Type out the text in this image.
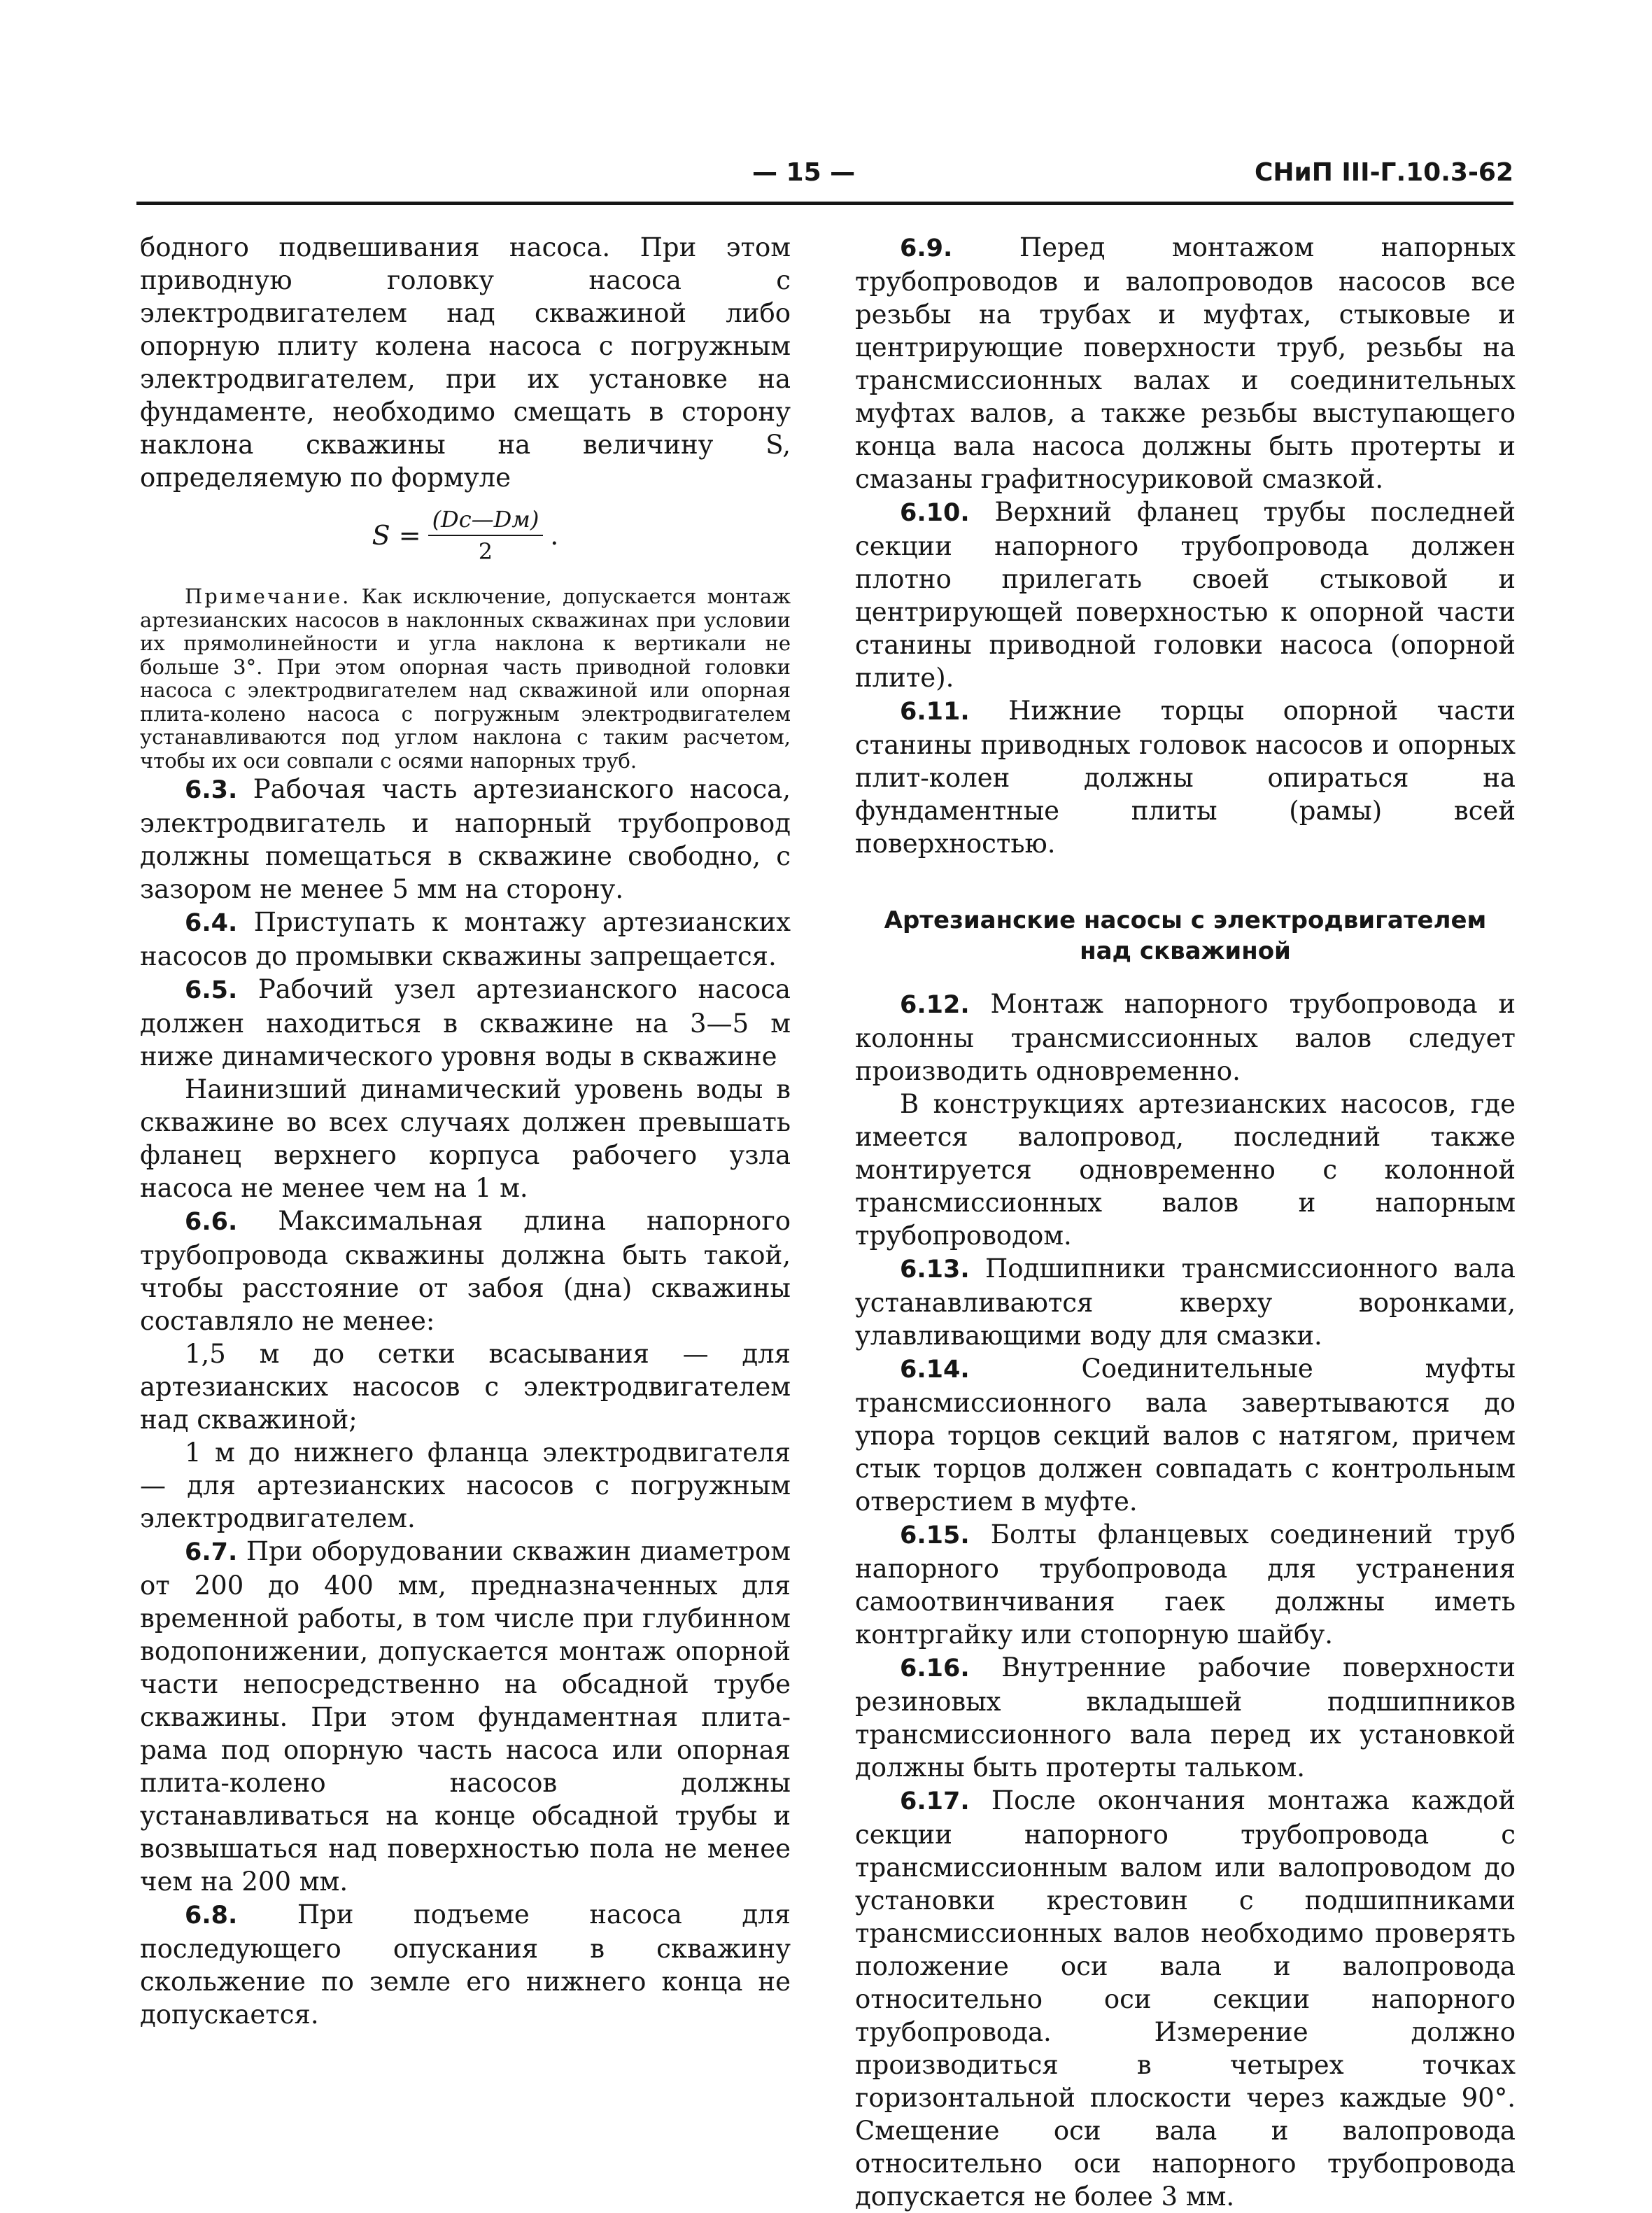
— 15 —	СНиП III-Г.10.3-62

бодного подвешивания насоса. При этом приводную головку насоса с электродвигателем над скважиной либо опорную плиту колена насоса с погружным электродвигателем, при их установке на фундаменте, необходимо смещать в сторону наклона скважины на величину S, определяемую по формуле

$S = \frac{(Dс—Dм)}{2}$ .

Примечание. Как исключение, допускается монтаж артезианских насосов в наклонных скважинах при условии их прямолинейности и угла наклона к вертикали не больше 3°. При этом опорная часть приводной головки насоса с электродвигателем над скважиной или опорная плита-колено насоса с погружным электродвигателем устанавливаются под углом наклона с таким расчетом, чтобы их оси совпали с осями напорных труб.

6.3. Рабочая часть артезианского насоса, электродвигатель и напорный трубопровод должны помещаться в скважине свободно, с зазором не менее 5 мм на сторону.

6.4. Приступать к монтажу артезианских насосов до промывки скважины запрещается.

6.5. Рабочий узел артезианского насоса должен находиться в скважине на 3—5 м ниже динамического уровня воды в скважине

Наинизший динамический уровень воды в скважине во всех случаях должен превышать фланец верхнего корпуса рабочего узла насоса не менее чем на 1 м.

6.6. Максимальная длина напорного трубопровода скважины должна быть такой, чтобы расстояние от забоя (дна) скважины составляло не менее:

1,5 м до сетки всасывания — для артезианских насосов с электродвигателем над скважиной;

1 м до нижнего фланца электродвигателя — для артезианских насосов с погружным электродвигателем.

6.7. При оборудовании скважин диаметром от 200 до 400 мм, предназначенных для временной работы, в том числе при глубинном водопонижении, допускается монтаж опорной части непосредственно на обсадной трубе скважины. При этом фундаментная плита-рама под опорную часть насоса или опорная плита-колено насосов должны устанавливаться на конце обсадной трубы и возвышаться над поверхностью пола не менее чем на 200 мм.

6.8. При подъеме насоса для последующего опускания в скважину скольжение по земле его нижнего конца не допускается.

6.9.	Перед монтажом напорных трубопроводов и валопроводов насосов все резьбы на трубах и муфтах, стыковые и центрирующие поверхности труб, резьбы на трансмиссионных валах и соединительных муфтах валов, а также резьбы выступающего конца вала насоса должны быть протерты и смазаны графитносуриковой смазкой.

6.10. Верхний фланец трубы последней секции напорного трубопровода должен плотно прилегать своей стыковой и центрирующей поверхностью к опорной части станины приводной головки насоса (опорной плите).

6.11. Нижние торцы опорной части станины приводных головок насосов и опорных плит-колен должны опираться на фундаментные плиты (рамы) всей поверхностью.

Артезианские насосы с электродвигателем над скважиной

6.12. Монтаж напорного трубопровода и колонны трансмиссионных валов следует производить одновременно.

В конструкциях артезианских насосов, где имеется валопровод, последний также монтируется одновременно с колонной трансмиссионных валов и напорным трубопроводом.

6.13. Подшипники трансмиссионного вала устанавливаются кверху воронками, улавливающими воду для смазки.

6.14.	Соединительные муфты трансмиссионного вала завертываются до упора торцов секций валов с натягом, причем стык торцов должен совпадать с контрольным отверстием в муфте.

6.15. Болты фланцевых соединений труб напорного трубопровода для устранения самоотвинчивания гаек должны иметь контргайку или стопорную шайбу.

6.16. Внутренние рабочие поверхности резиновых вкладышей подшипников трансмиссионного вала перед их установкой должны быть протерты тальком.

6.17. После окончания монтажа каждой секции напорного трубопровода с трансмиссионным валом или валопроводом до установки крестовин с подшипниками трансмиссионных валов необходимо проверять положение оси вала и валопровода относительно оси секции напорного трубопровода. Измерение должно производиться в четырех точках горизонтальной плоскости через каждые 90°. Смещение оси вала и валопровода относительно оси напорного трубопровода допускается не более 3 мм.
